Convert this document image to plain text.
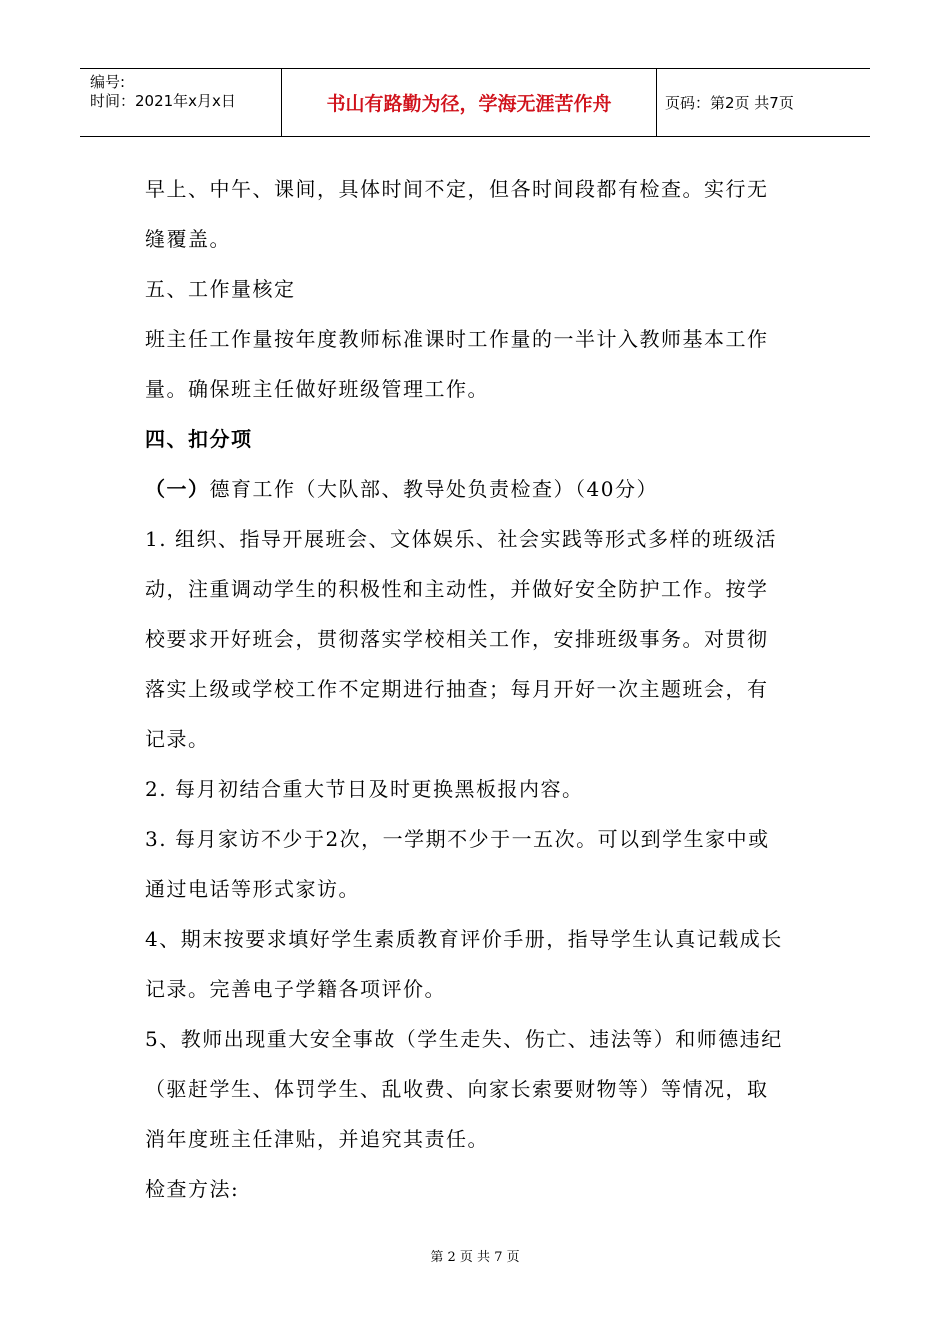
编号:
时间：2021年x月x日	书山有路勤为径，学海无涯苦作舟	页码：第2页 共7页
早上、中午、课间，具体时间不定，但各时间段都有检查。实行无
缝覆盖。
五、工作量核定
班主任工作量按年度教师标准课时工作量的一半计入教师基本工作
量。确保班主任做好班级管理工作。
四、扣分项
（一）德育工作（大队部、教导处负责检查）（40分）
1. 组织、指导开展班会、文体娱乐、社会实践等形式多样的班级活
动，注重调动学生的积极性和主动性，并做好安全防护工作。按学
校要求开好班会，贯彻落实学校相关工作，安排班级事务。对贯彻
落实上级或学校工作不定期进行抽查；每月开好一次主题班会，有
记录。
2. 每月初结合重大节日及时更换黑板报内容。
3. 每月家访不少于2次，一学期不少于一五次。可以到学生家中或
通过电话等形式家访。
4、期末按要求填好学生素质教育评价手册，指导学生认真记载成长
记录。完善电子学籍各项评价。
5、教师出现重大安全事故（学生走失、伤亡、违法等）和师德违纪
（驱赶学生、体罚学生、乱收费、向家长索要财物等）等情况，取
消年度班主任津贴，并追究其责任。
检查方法:
第 2 页 共 7 页
